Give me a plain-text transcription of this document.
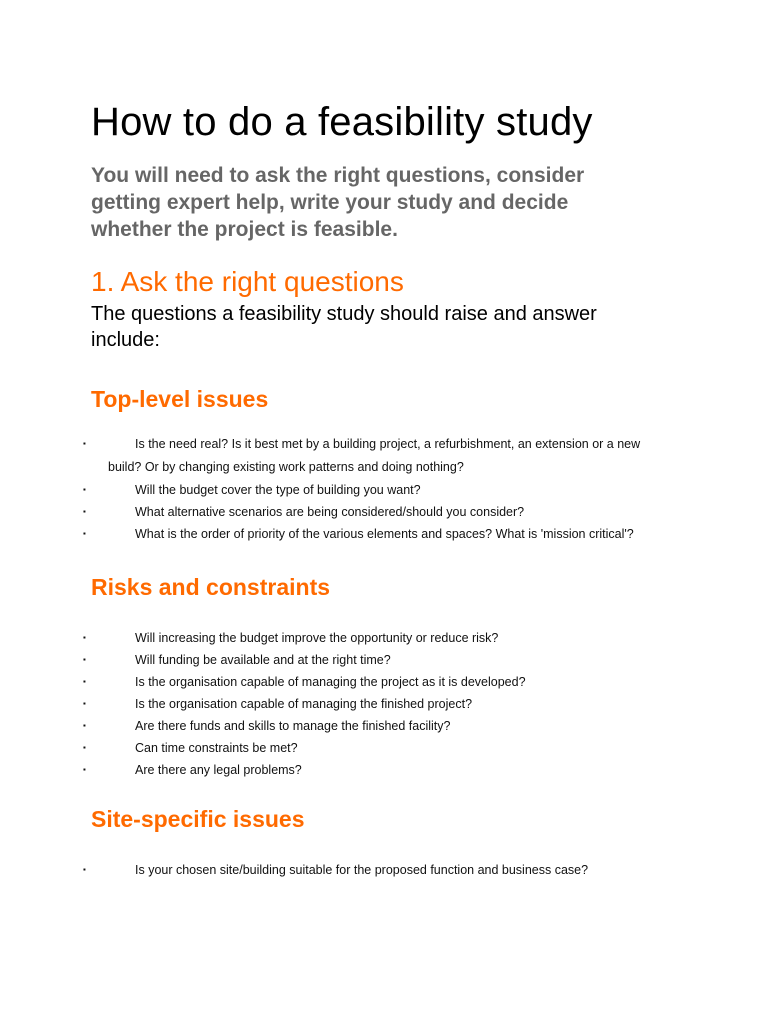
How to do a feasibility study

You will need to ask the right questions, consider getting expert help, write your study and decide whether the project is feasible.

1. Ask the right questions

The questions a feasibility study should raise and answer include:

Top-level issues
▪	Is the need real? Is it best met by a building project, a refurbishment, an extension or a new
build? Or by changing existing work patterns and doing nothing?
▪	Will the budget cover the type of building you want?
▪	What alternative scenarios are being considered/should you consider?
▪	What is the order of priority of the various elements and spaces? What is 'mission critical'?
Risks and constraints
▪	Will increasing the budget improve the opportunity or reduce risk?
▪	Will funding be available and at the right time?
▪	Is the organisation capable of managing the project as it is developed?
▪	Is the organisation capable of managing the finished project?
▪	Are there funds and skills to manage the finished facility?
▪	Can time constraints be met?
▪	Are there any legal problems?
Site-specific issues
▪	Is your chosen site/building suitable for the proposed function and business case?
